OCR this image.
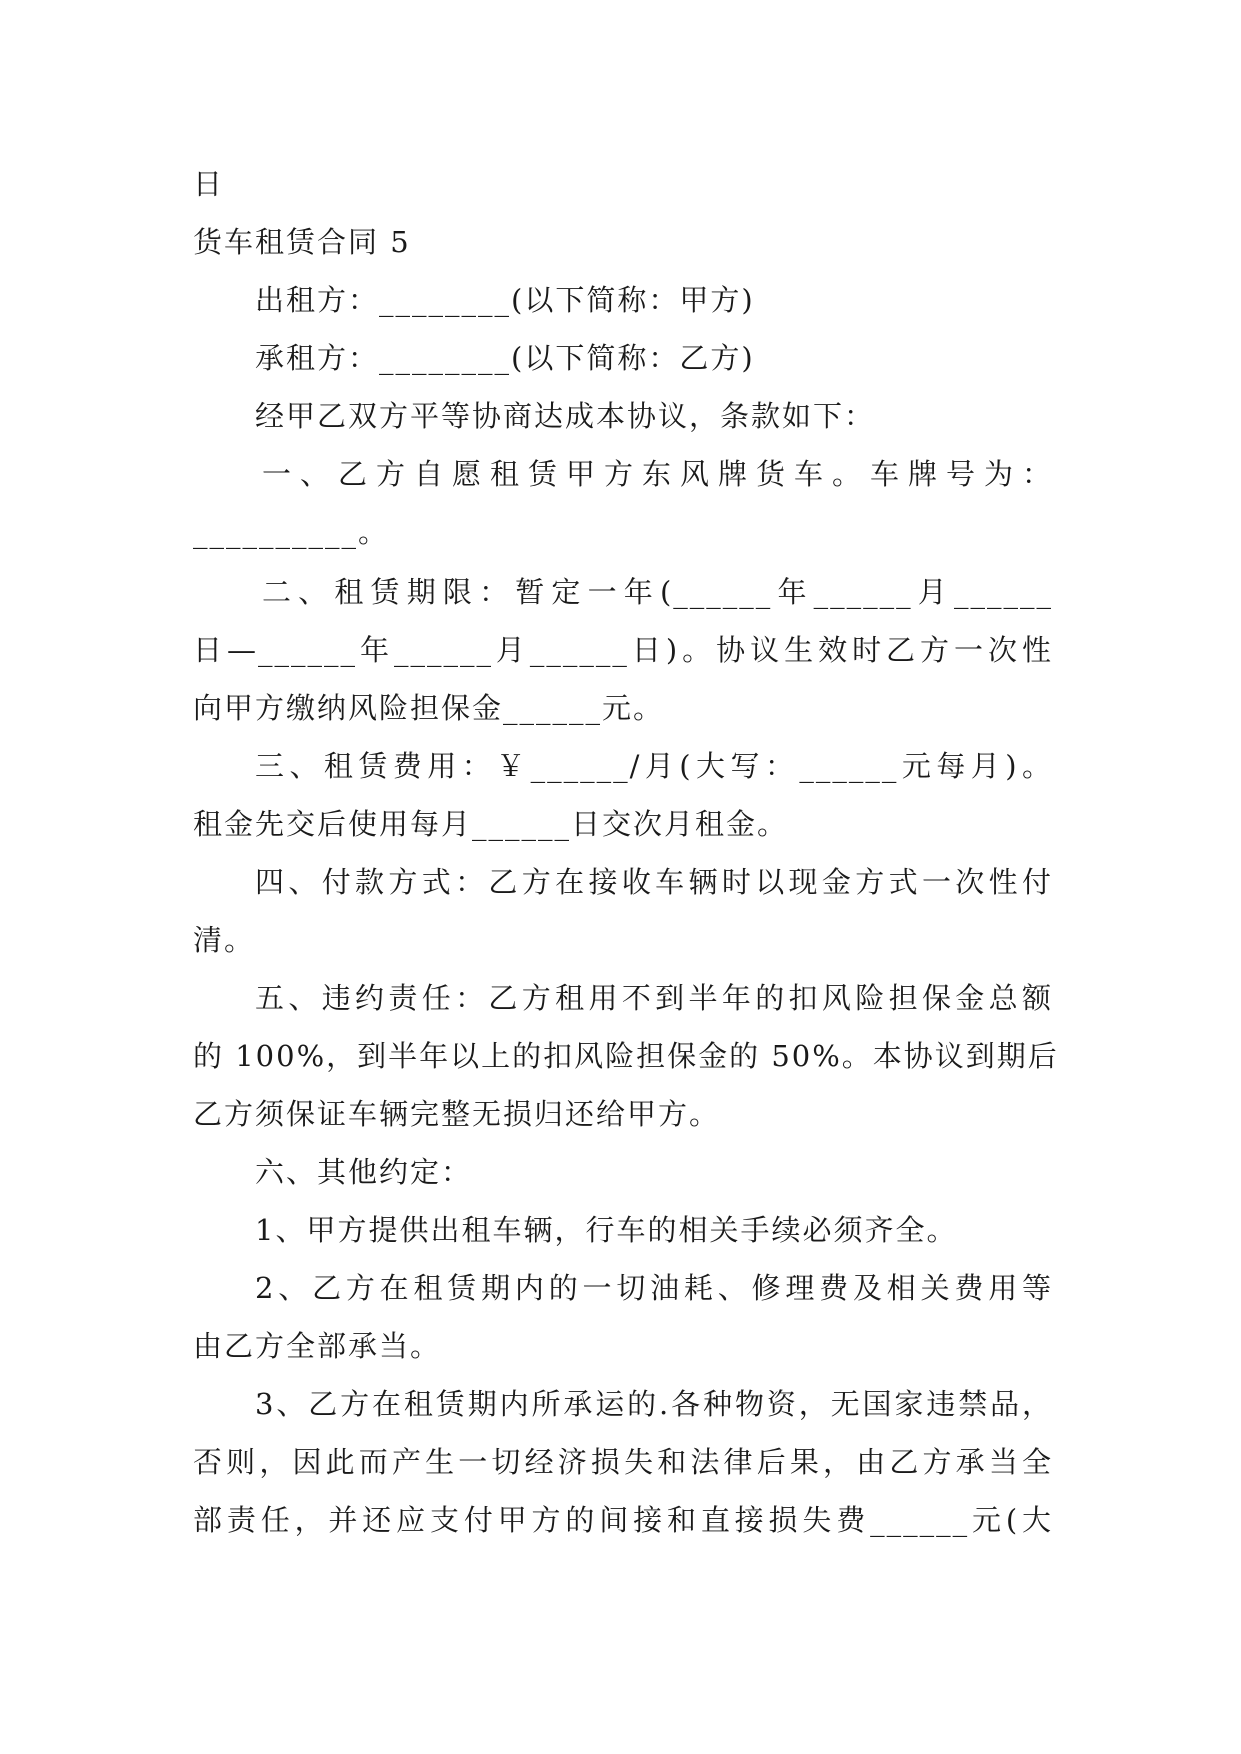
日

货车租赁合同 5

出租方：________(以下简称：甲方)

承租方：________(以下简称：乙方)

经甲乙双方平等协商达成本协议，条款如下：

一、乙方自愿租赁甲方东风牌货车。车牌号为：

__________。

二、租赁期限：暂定一年(______年______月______

日—______年______月______日)。协议生效时乙方一次性

向甲方缴纳风险担保金______元。

三、租赁费用：￥______/月(大写：______元每月)。

租金先交后使用每月______日交次月租金。

四、付款方式：乙方在接收车辆时以现金方式一次性付

清。

五、违约责任：乙方租用不到半年的扣风险担保金总额

的 100%，到半年以上的扣风险担保金的 50%。本协议到期后

乙方须保证车辆完整无损归还给甲方。

六、其他约定：

1、甲方提供出租车辆，行车的相关手续必须齐全。

2、乙方在租赁期内的一切油耗、修理费及相关费用等

由乙方全部承当。

3、乙方在租赁期内所承运的.各种物资，无国家违禁品，

否则，因此而产生一切经济损失和法律后果，由乙方承当全

部责任，并还应支付甲方的间接和直接损失费______元(大
